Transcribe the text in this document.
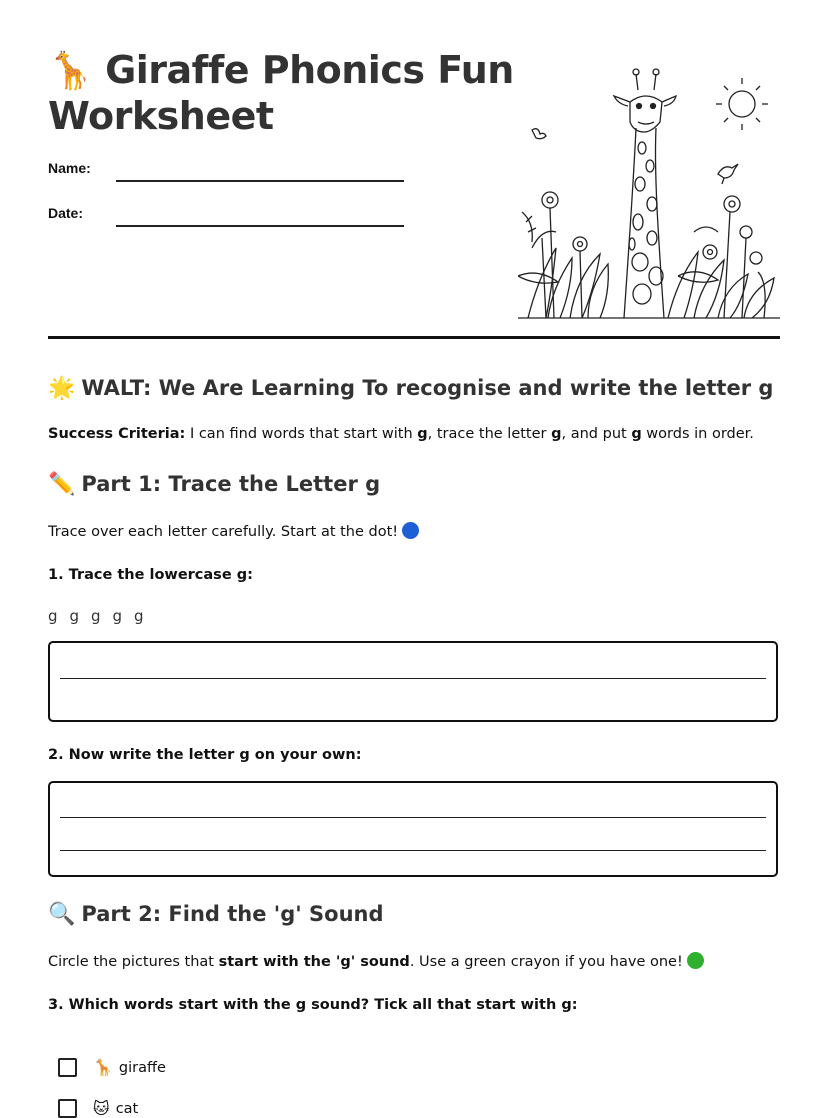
🦒 Giraffe Phonics Fun Worksheet
Name:
Date:
🌟 WALT: We Are Learning To recognise and write the letter g
Success Criteria: I can find words that start with g, trace the letter g, and put g words in order.
✏️ Part 1: Trace the Letter g
Trace over each letter carefully. Start at the dot!
1. Trace the lowercase g:
g g g g g
2. Now write the letter g on your own:
🔍 Part 2: Find the 'g' Sound
Circle the pictures that start with the 'g' sound. Use a green crayon if you have one!
3. Which words start with the g sound? Tick all that start with g:
🦒 giraffe
🐱 cat
